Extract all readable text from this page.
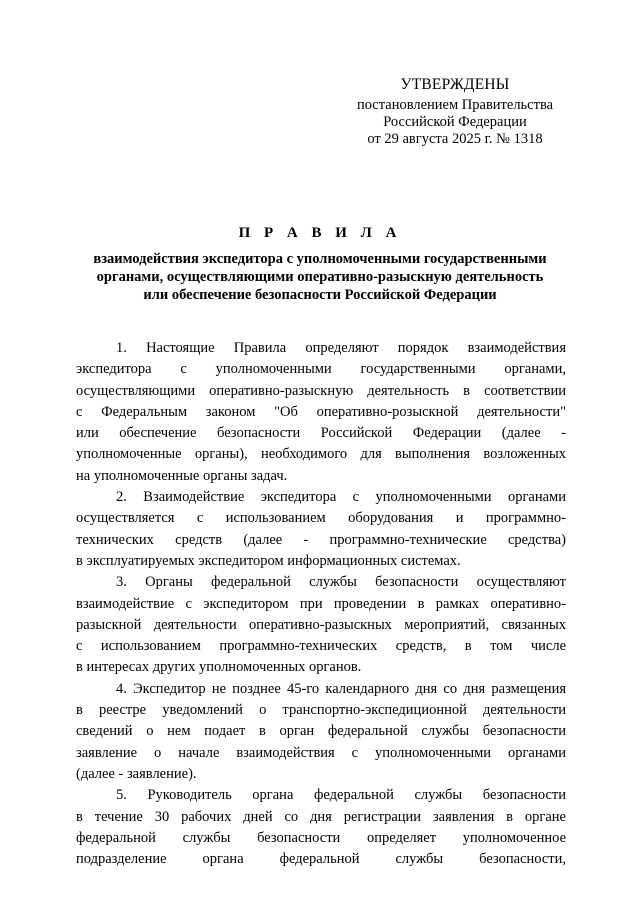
УТВЕРЖДЕНЫ
постановлением Правительства
Российской Федерации
от 29 августа 2025 г. № 1318
П Р А В И Л А
взаимодействия экспедитора с уполномоченными государственными
органами, осуществляющими оперативно-разыскную деятельность
или обеспечение безопасности Российской Федерации
1. Настоящие Правила определяют порядок взаимодействия
экспедитора с уполномоченными государственными органами,
осуществляющими оперативно-разыскную деятельность в соответствии
с Федеральным законом "Об оперативно-розыскной деятельности"
или обеспечение безопасности Российской Федерации (далее -
уполномоченные органы), необходимого для выполнения возложенных
на уполномоченные органы задач.
2. Взаимодействие экспедитора с уполномоченными органами
осуществляется с использованием оборудования и программно-
технических средств (далее - программно-технические средства)
в эксплуатируемых экспедитором информационных системах.
3. Органы федеральной службы безопасности осуществляют
взаимодействие с экспедитором при проведении в рамках оперативно-
разыскной деятельности оперативно-разыскных мероприятий, связанных
с использованием программно-технических средств, в том числе
в интересах других уполномоченных органов.
4. Экспедитор не позднее 45-го календарного дня со дня размещения
в реестре уведомлений о транспортно-экспедиционной деятельности
сведений о нем подает в орган федеральной службы безопасности
заявление о начале взаимодействия с уполномоченными органами
(далее - заявление).
5. Руководитель органа федеральной службы безопасности
в течение 30 рабочих дней со дня регистрации заявления в органе
федеральной службы безопасности определяет уполномоченное
подразделение органа федеральной службы безопасности,
